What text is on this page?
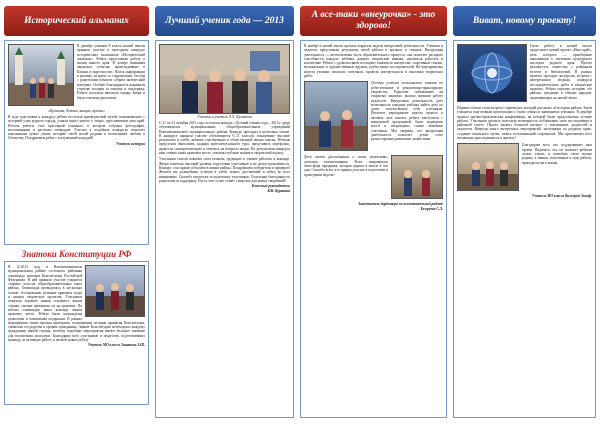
Исторический альманах
В декабре ученики 8 класса нашей школы приняли участие в ежегодном конкурсе исторических альманахов «Исторический альманах». Ребята представили работу о жизни нашего края. В центре внимания оказались события, происходившие в Казани и окрестностях. Поиск информации в архивах, встречи со старожилами, беседы с родителями помогли собрать интересный материал. Особую благодарность выражаем учителю истории за помощь и поддержку. Работа получила высокую оценку жюри и была отмечена дипломом.
«Кулакова, Казань, январь, кремль»
В ходе подготовки к конкурсу ребята посетили краеведческий музей, познакомились с историей улиц родного города, узнали много нового о людях, прославивших наш край. Итогом работы стал красочный альманах, в котором собраны фотографии, воспоминания и рассказы очевидцев. Участие в подобных конкурсах помогает школьникам лучше узнать историю своей малой родины и воспитывает любовь к Отечеству. Поздравляем ребят с заслуженной наградой!
Учитель истории
Знатоки Конституции РФ
В 12.2013 году в Новошешминском муниципальном районе состоялась районная олимпиада знатоков Конституции Российской Федерации. В ней приняли участие учащиеся старших классов общеобразовательных школ района. Олимпиада проводилась в несколько этапов: тестирование, решение правовых задач и защита творческих проектов. Участники показали хорошие знания основного закона страны, умение применять их на практике. По итогам олимпиады наша команда заняла призовое место. Ребята были награждены грамотами и памятными подарками. В рамках мероприятия также прошла викторина, посвящённая истории принятия Конституции, символам государства и правам гражданина. Знание Конституции необходимо каждому гражданину нашей страны, поэтому подобные мероприятия имеют большое значение для воспитания молодёжи. Благодарим всех участников и педагогов, подготовивших команду, за активную работу и желаем новых побед!
Учитель МО класса Зинатова З.Ш.
Лучший ученик года — 2013
Ученики и учитель Л.Х. Булатова
С 21 по 31 октября 2013 года состоялся конкурс «Лучший ученик года – 2013» среди обучающихся муниципальных общеобразовательных учреждений Новошешминского муниципального района. Конкурс проходил в несколько этапов. В конкурсе приняли участие обучающиеся 9–11 классов, показавшие высокие результаты в учёбе, активно участвующие в общественной жизни школы. Ребятам предстояло выполнить задания интеллектуального тура, представить портфолио, провести самопрезентацию и ответить на вопросы жюри. По результатам конкурса наш ученик занял призовое место, показав глубокие знания и творческий подход.
Участники смогли показать свои таланты, эрудицию и умение работать в команде. Жюри отметило высокий уровень подготовки участников и их целеустремлённость. Конкурс стал ярким событием в жизни района. Поздравляем победителя и призёров! Желаем им дальнейших успехов в учёбе, новых достижений и побед во всех начинаниях. Спасибо педагогам за подготовку участников. Отдельная благодарность родителям за поддержку. Пусть этот успех станет стимулом для новых свершений!
Классный руководитель
В.В. Куракина
А все-таки «внеурочка» - это здорово!
В ноябре в нашей школе прошла открытая неделя внеурочной деятельности. Ученики и педагоги представили результаты своей работы в кружках и секциях. Внеурочная деятельность — неотъемлемая часть образовательного процесса, она помогает раскрыть способности каждого ребёнка, развить творческие навыки, научиться работать в коллективе. Ребята с удовольствием посещают занятия по интересам: спортивные секции, музыкальные и художественные кружки, клубы юных исследователей. На мероприятиях недели ученики показали спектакли, провели мастер-классы и выставки творческих работ.
Особым успехом пользовались занятия по робототехнике и декоративно-прикладному творчеству. Родители, побывавшие на открытых занятиях, высоко оценили работу педагогов. Внеурочная деятельность даёт возможность каждому ребёнку найти дело по душе, почувствовать себя успешным. Итоговое мероприятие недели прошло в актовом зале школы: ребята выступили с концертной программой, были подведены итоги и награждены самые активные участники. Мы уверены, что внеурочная деятельность помогает детям стать разносторонне развитыми личностями.
Дети охотно рассказывали о своих увлечениях, делились впечатлениями. Всем понравилась атмосфера праздника, которая царила в школе в эти дни. Спасибо всем, кто принял участие в подготовке и проведении недели!
Заместитель директора по воспитательной работе
Безгреева С.Л.
Виват, новому проекту!
Свою работу в нашей школе продолжает новый проект «Наш край», цель которого — приобщение школьников к изучению культурного наследия родного края. Проект реализуется совместно с районным музеем и библиотекой. В рамках проекта проходят экскурсии, встречи с интересными людьми, конкурсы исследовательских работ и творческие проекты. Ребята изучают историю сёл района, традиции и обычаи народов, проживающих на нашей земле.
Первым этапом стала встреча с краеведом, который рассказал об истории района. Затем учащиеся подготовили презентации о своих семьях и знаменитых земляках. В декабре прошла научно-практическая конференция, на которой были представлены лучшие работы. Участники проекта получили возможность публиковать свои исследования в районной газете. Проект вызвал большой интерес у школьников, родителей и педагогов. Впереди много интересных мероприятий: экспедиции по родному краю, создание школьного музея, запись воспоминаний старожилов. Мы приглашаем всех желающих присоединиться к проекту!
Благодарим всех, кто поддерживает наш проект. Надеемся, что он поможет ребятам лучше узнать и полюбить свою малую родину, а знания, полученные в ходе работы, пригодятся им в жизни.
Учитель МО класса Валеерий Залиф.
